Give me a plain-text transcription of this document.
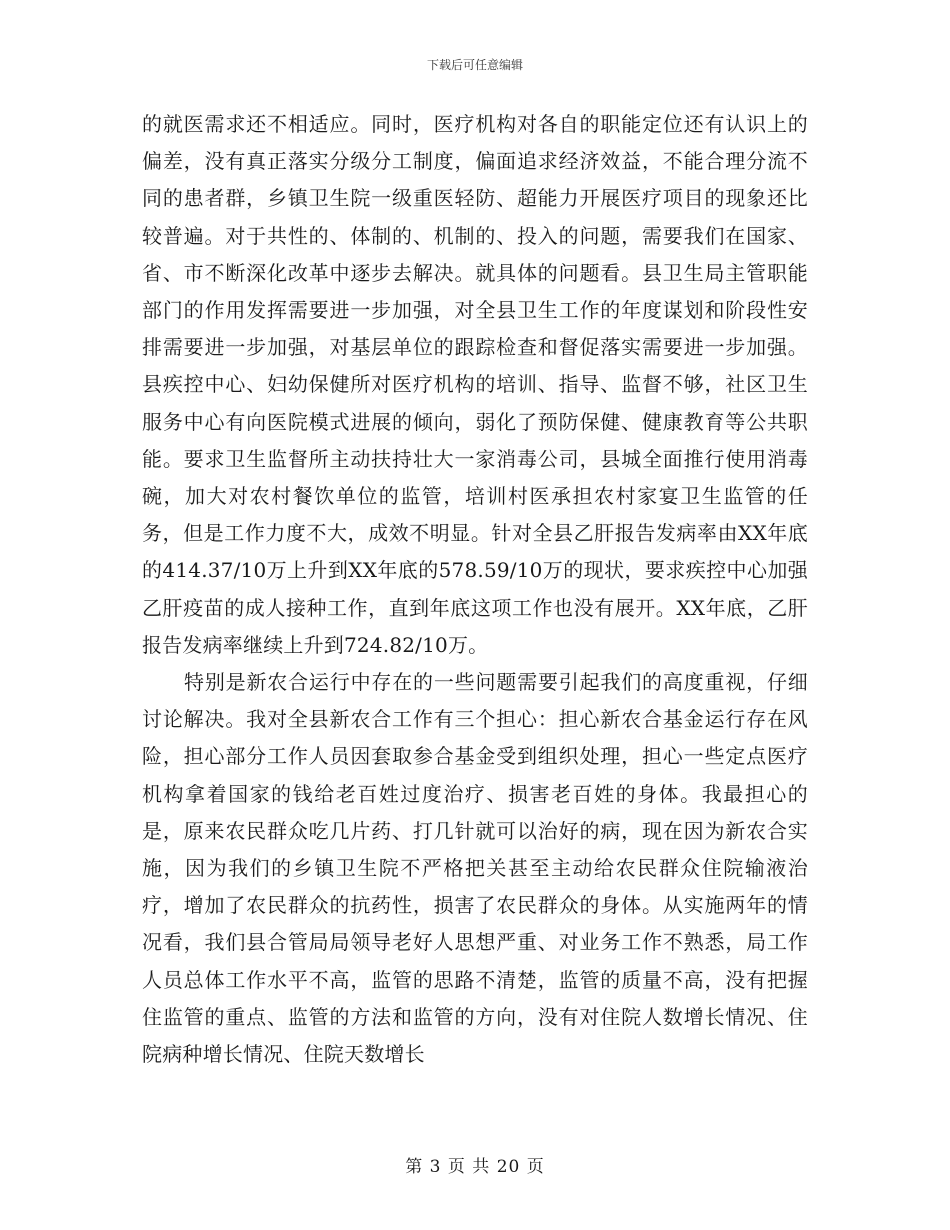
下载后可任意编辑

的就医需求还不相适应。同时，医疗机构对各自的职能定位还有认识上的偏差，没有真正落实分级分工制度，偏面追求经济效益，不能合理分流不同的患者群，乡镇卫生院一级重医轻防、超能力开展医疗项目的现象还比较普遍。对于共性的、体制的、机制的、投入的问题，需要我们在国家、省、市不断深化改革中逐步去解决。就具体的问题看。县卫生局主管职能部门的作用发挥需要进一步加强，对全县卫生工作的年度谋划和阶段性安排需要进一步加强，对基层单位的跟踪检查和督促落实需要进一步加强。县疾控中心、妇幼保健所对医疗机构的培训、指导、监督不够，社区卫生服务中心有向医院模式进展的倾向，弱化了预防保健、健康教育等公共职能。要求卫生监督所主动扶持壮大一家消毒公司，县城全面推行使用消毒碗，加大对农村餐饮单位的监管，培训村医承担农村家宴卫生监管的任务，但是工作力度不大，成效不明显。针对全县乙肝报告发病率由XX年底的414.37/10万上升到XX年底的578.59/10万的现状，要求疾控中心加强乙肝疫苗的成人接种工作，直到年底这项工作也没有展开。XX年底，乙肝报告发病率继续上升到724.82/10万。

特别是新农合运行中存在的一些问题需要引起我们的高度重视，仔细讨论解决。我对全县新农合工作有三个担心：担心新农合基金运行存在风险，担心部分工作人员因套取参合基金受到组织处理，担心一些定点医疗机构拿着国家的钱给老百姓过度治疗、损害老百姓的身体。我最担心的是，原来农民群众吃几片药、打几针就可以治好的病，现在因为新农合实施，因为我们的乡镇卫生院不严格把关甚至主动给农民群众住院输液治疗，增加了农民群众的抗药性，损害了农民群众的身体。从实施两年的情况看，我们县合管局局领导老好人思想严重、对业务工作不熟悉，局工作人员总体工作水平不高，监管的思路不清楚，监管的质量不高，没有把握住监管的重点、监管的方法和监管的方向，没有对住院人数增长情况、住院病种增长情况、住院天数增长

第 3 页 共 20 页
